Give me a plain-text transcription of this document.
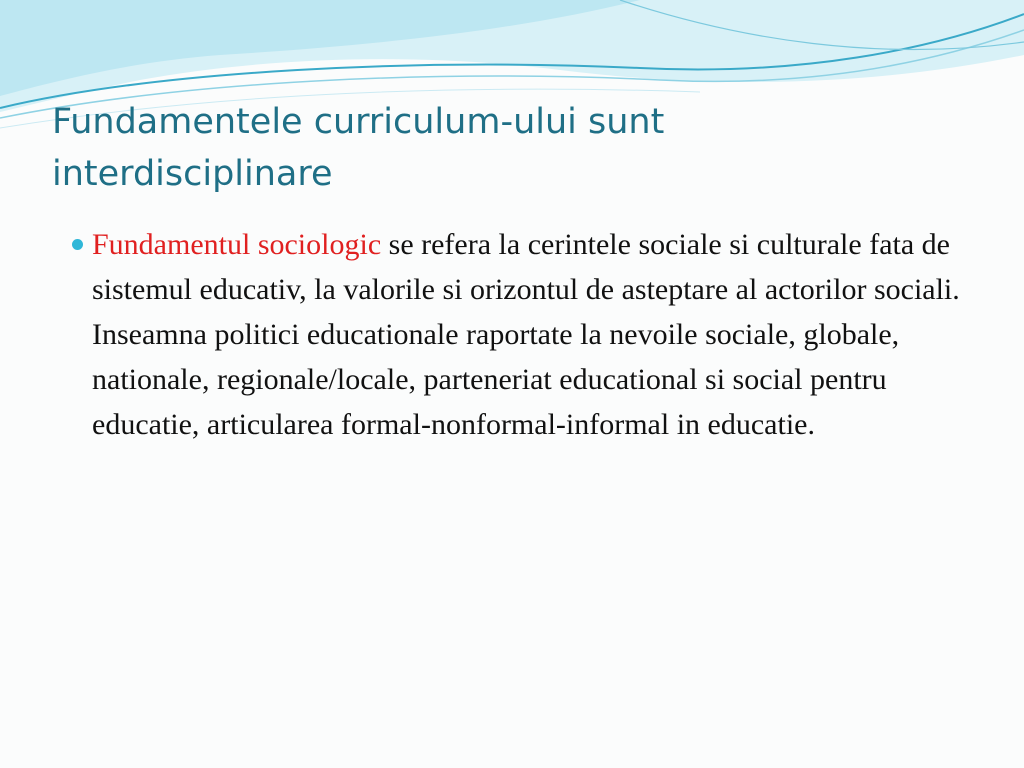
Fundamentele curriculum-ului sunt interdisciplinare
Fundamentul sociologic se refera la cerintele sociale si culturale fata de sistemul educativ, la valorile si orizontul de asteptare al actorilor sociali. Inseamna politici educationale raportate la nevoile sociale, globale, nationale, regionale/locale, parteneriat educational si social pentru educatie, articularea formal-nonformal-informal in educatie.
